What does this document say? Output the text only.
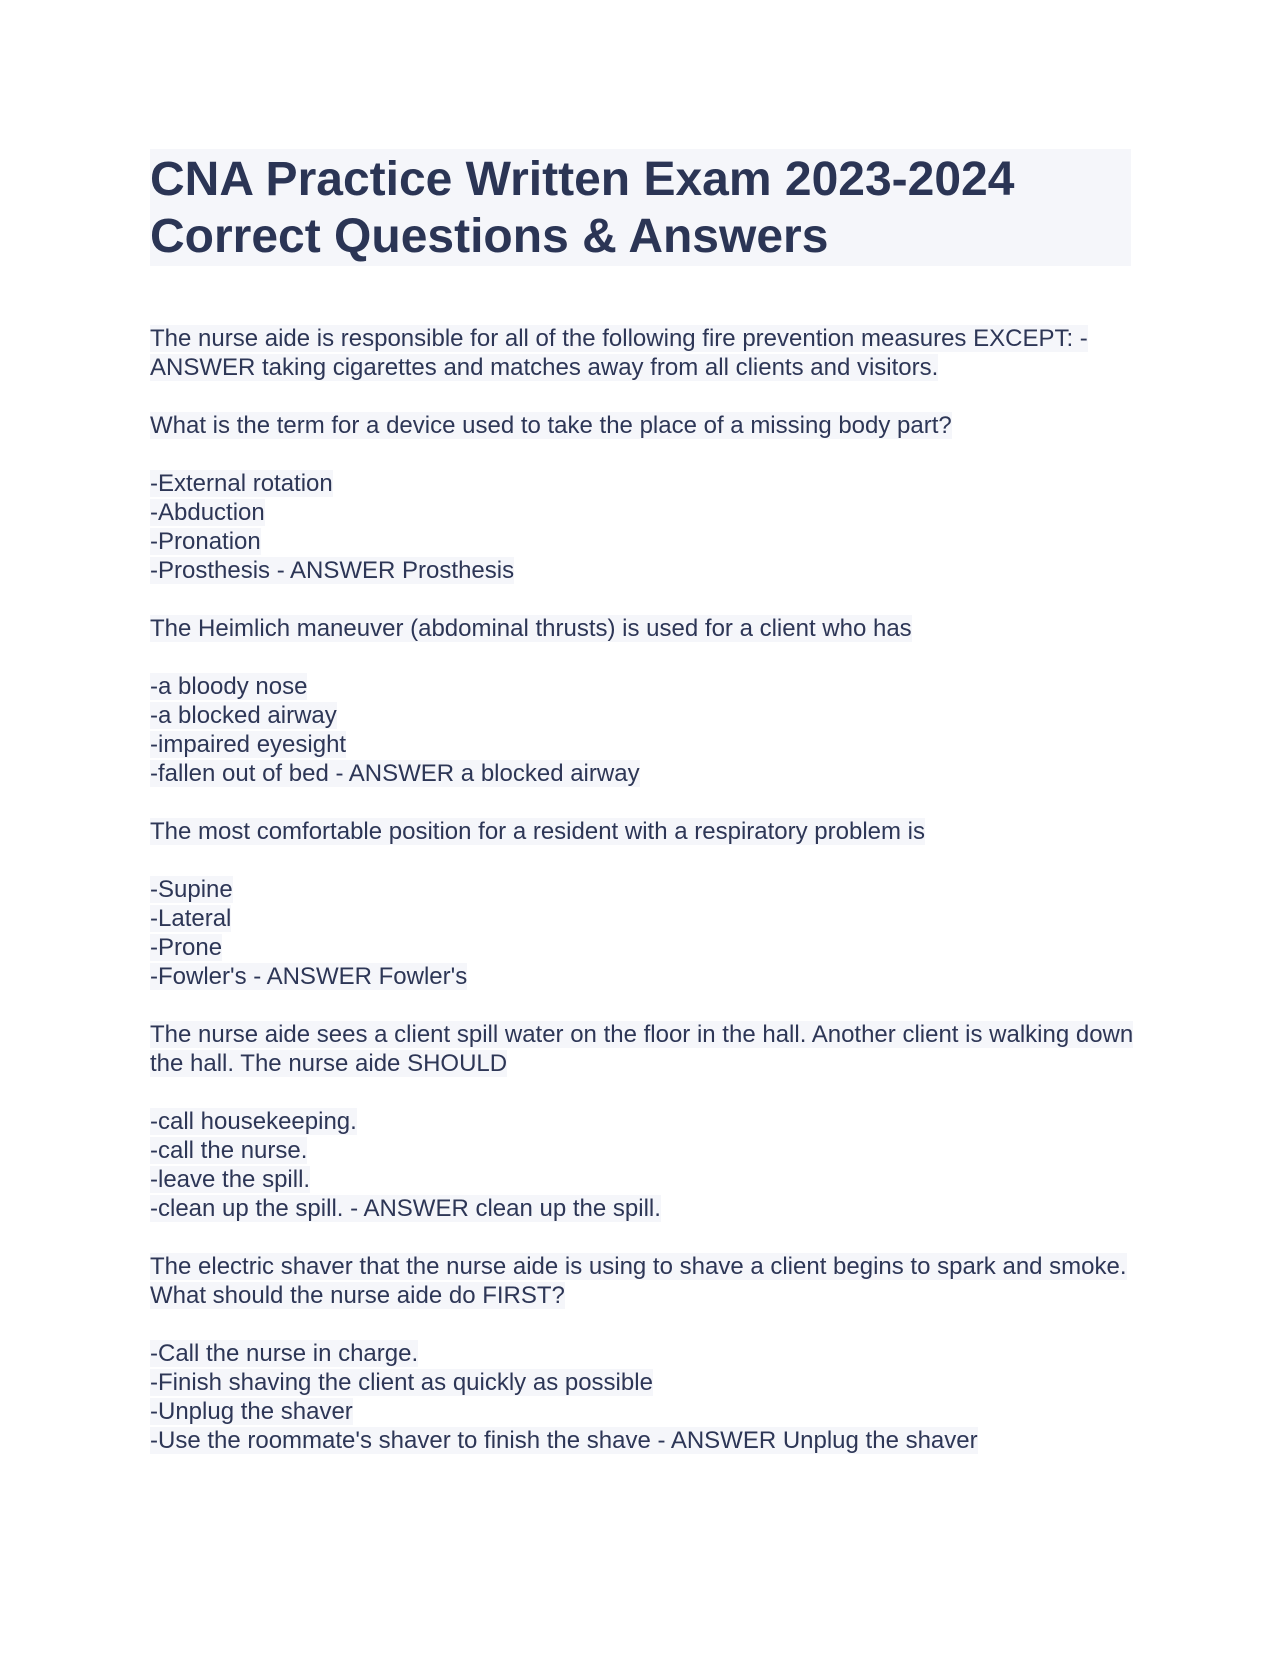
CNA Practice Written Exam 2023-2024 Correct Questions & Answers
The nurse aide is responsible for all of the following fire prevention measures EXCEPT: - ANSWER taking cigarettes and matches away from all clients and visitors.
What is the term for a device used to take the place of a missing body part?
-External rotation
-Abduction
-Pronation
-Prosthesis - ANSWER Prosthesis
The Heimlich maneuver (abdominal thrusts) is used for a client who has
-a bloody nose
-a blocked airway
-impaired eyesight
-fallen out of bed - ANSWER a blocked airway
The most comfortable position for a resident with a respiratory problem is
-Supine
-Lateral
-Prone
-Fowler's - ANSWER Fowler's
The nurse aide sees a client spill water on the floor in the hall. Another client is walking down the hall. The nurse aide SHOULD
-call housekeeping.
-call the nurse.
-leave the spill.
-clean up the spill. - ANSWER clean up the spill.
The electric shaver that the nurse aide is using to shave a client begins to spark and smoke. What should the nurse aide do FIRST?
-Call the nurse in charge.
-Finish shaving the client as quickly as possible
-Unplug the shaver
-Use the roommate's shaver to finish the shave - ANSWER Unplug the shaver
